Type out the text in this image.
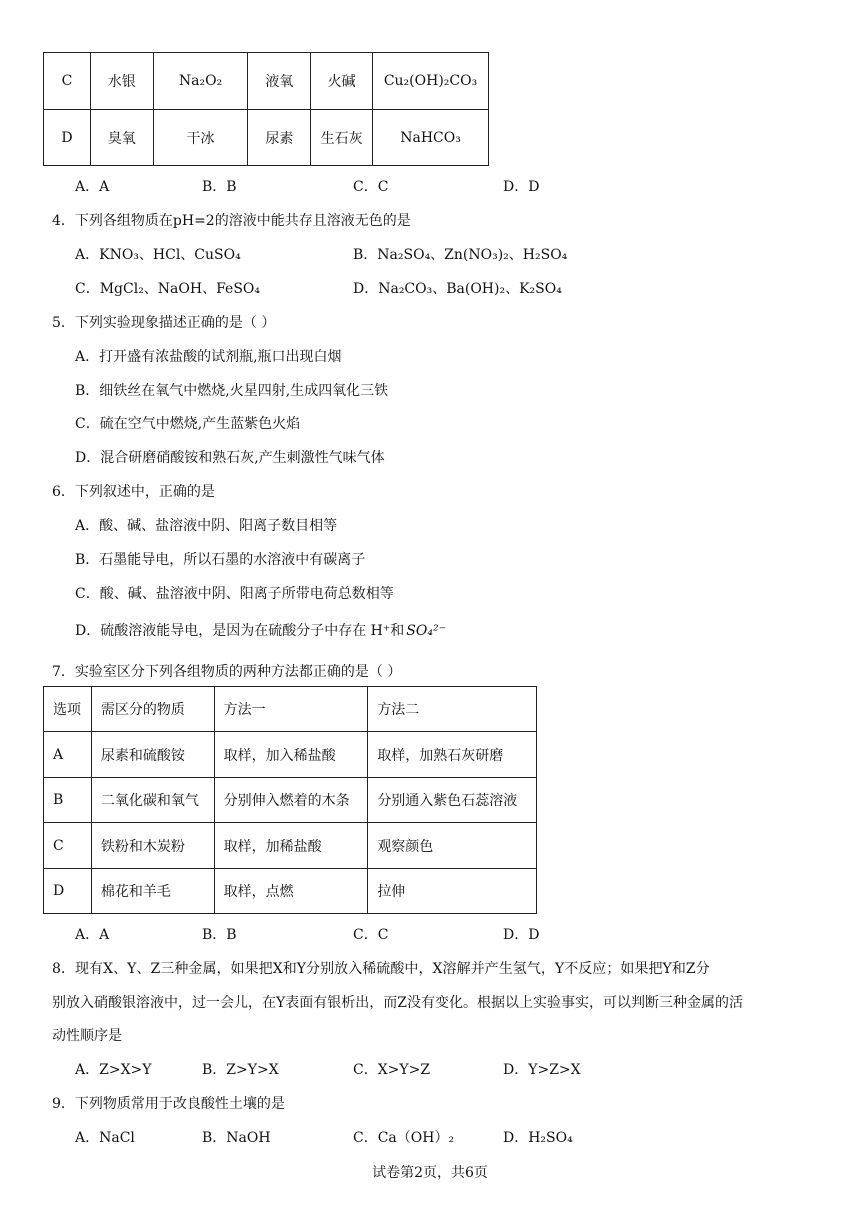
C	水银	Na₂O₂	液氧	火碱	Cu₂(OH)₂CO₃
D	臭氧	干冰	尿素	生石灰	NaHCO₃
A．A	B．B	C．C	D．D
4．下列各组物质在pH=2的溶液中能共存且溶液无色的是
A．KNO₃、HCl、CuSO₄	B．Na₂SO₄、Zn(NO₃)₂、H₂SO₄
C．MgCl₂、NaOH、FeSO₄	D．Na₂CO₃、Ba(OH)₂、K₂SO₄
5．下列实验现象描述正确的是（ ）
A．打开盛有浓盐酸的试剂瓶,瓶口出现白烟
B．细铁丝在氧气中燃烧,火星四射,生成四氧化三铁
C．硫在空气中燃烧,产生蓝紫色火焰
D．混合研磨硝酸铵和熟石灰,产生刺激性气味气体
6．下列叙述中，正确的是
A．酸、碱、盐溶液中阴、阳离子数目相等
B．石墨能导电，所以石墨的水溶液中有碳离子
C．酸、碱、盐溶液中阴、阳离子所带电荷总数相等
D．硫酸溶液能导电，是因为在硫酸分子中存在 H⁺和 SO₄²⁻
7．实验室区分下列各组物质的两种方法都正确的是（ ）
选项	需区分的物质	方法一	方法二
A	尿素和硫酸铵	取样，加入稀盐酸	取样，加熟石灰研磨
B	二氧化碳和氧气	分别伸入燃着的木条	分别通入紫色石蕊溶液
C	铁粉和木炭粉	取样，加稀盐酸	观察颜色
D	棉花和羊毛	取样，点燃	拉伸
A．A	B．B	C．C	D．D
8．现有X、Y、Z三种金属，如果把X和Y分别放入稀硫酸中，X溶解并产生氢气，Y不反应；如果把Y和Z分
别放入硝酸银溶液中，过一会儿，在Y表面有银析出，而Z没有变化。根据以上实验事实，可以判断三种金属的活
动性顺序是
A．Z>X>Y	B．Z>Y>X	C．X>Y>Z	D．Y>Z>X
9．下列物质常用于改良酸性土壤的是
A．NaCl	B．NaOH	C．Ca（OH）₂	D．H₂SO₄
试卷第2页，共6页
